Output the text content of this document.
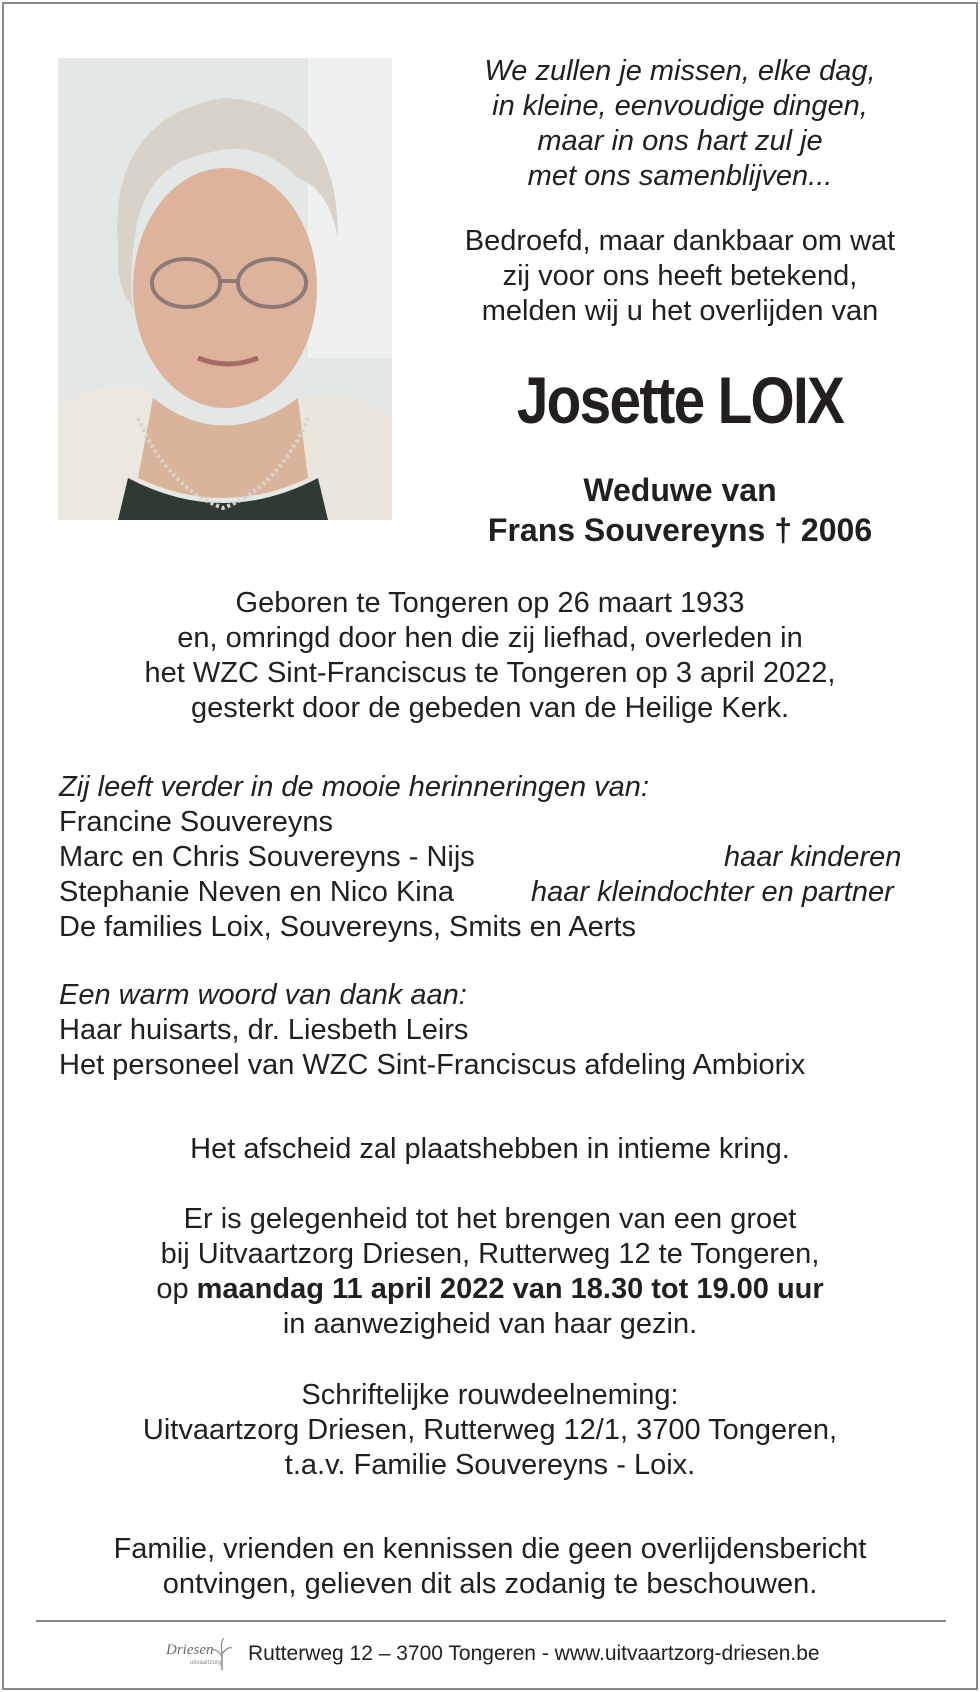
We zullen je missen, elke dag,
in kleine, eenvoudige dingen,
maar in ons hart zul je
met ons samenblijven...
Bedroefd, maar dankbaar om wat
zij voor ons heeft betekend,
melden wij u het overlijden van
Josette LOIX
Weduwe van
Frans Souvereyns † 2006
Geboren te Tongeren op 26 maart 1933
en, omringd door hen die zij liefhad, overleden in
het WZC Sint-Franciscus te Tongeren op 3 april 2022,
gesterkt door de gebeden van de Heilige Kerk.
Zij leeft verder in de mooie herinneringen van:
Francine Souvereyns
Marc en Chris Souvereyns - Nijs	haar kinderen
Stephanie Neven en Nico Kina	haar kleindochter en partner
De families Loix, Souvereyns, Smits en Aerts
Een warm woord van dank aan:
Haar huisarts, dr. Liesbeth Leirs
Het personeel van WZC Sint-Franciscus afdeling Ambiorix
Het afscheid zal plaatshebben in intieme kring.
Er is gelegenheid tot het brengen van een groet
bij Uitvaartzorg Driesen, Rutterweg 12 te Tongeren,
op maandag 11 april 2022 van 18.30 tot 19.00 uur
in aanwezigheid van haar gezin.
Schriftelijke rouwdeelneming:
Uitvaartzorg Driesen, Rutterweg 12/1, 3700 Tongeren,
t.a.v. Familie Souvereyns - Loix.
Familie, vrienden en kennissen die geen overlijdensbericht
ontvingen, gelieven dit als zodanig te beschouwen.
Driesen
uitvaartzorg Rutterweg 12 – 3700 Tongeren - www.uitvaartzorg-driesen.be
